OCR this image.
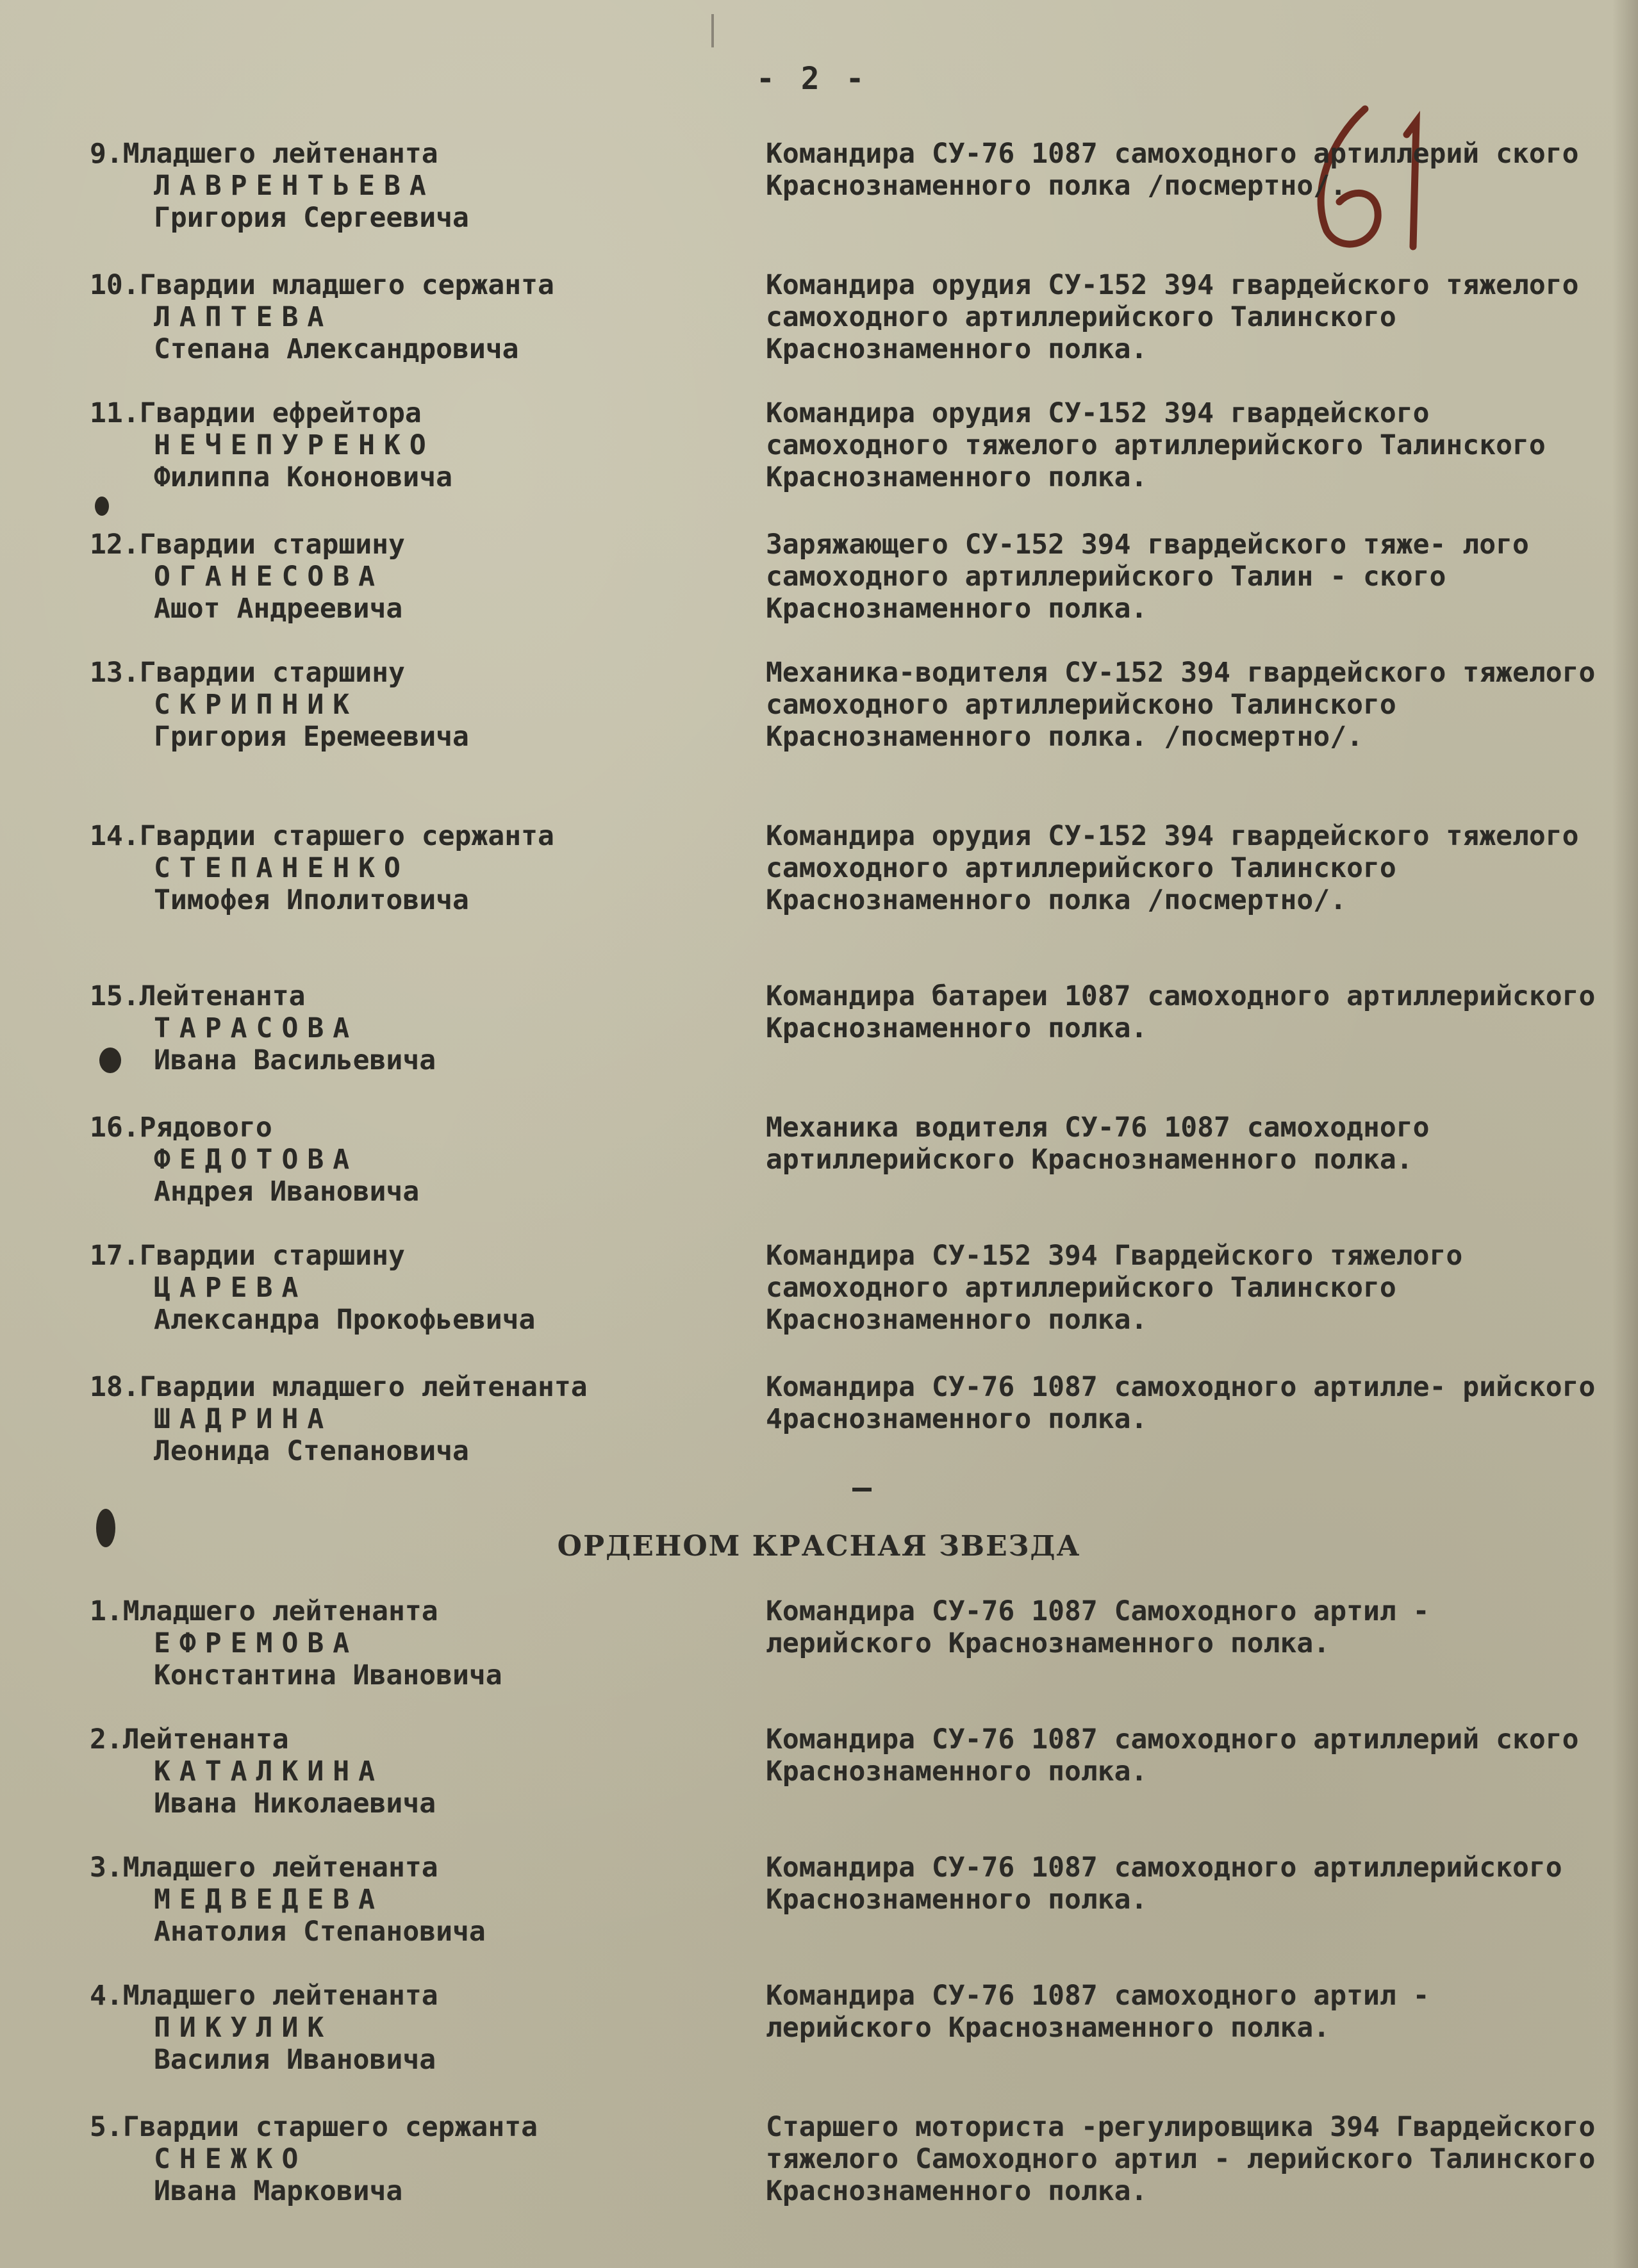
- 2 -
9.Младшего лейтенанта
ЛАВРЕНТЬЕВА
Григория Сергеевича
Командира СУ-76 1087 самоходного артиллерий ского Краснознаменного полка /посмертно/.
10.Гвардии младшего сержанта
ЛАПТЕВА
Степана Александровича
Командира орудия СУ-152 394 гвардейского тяжелого самоходного артиллерийского Талинского Краснознаменного полка.
11.Гвардии ефрейтора
НЕЧЕПУРЕНКО
Филиппа Кононовича
Командира орудия СУ-152 394 гвардейского самоходного тяжелого артиллерийского Талинского Краснознаменного полка.
12.Гвардии старшину
ОГАНЕСОВА
Ашот Андреевича
Заряжающего СУ-152 394 гвардейского тяже- лого самоходного артиллерийского Талин - ского Краснознаменного полка.
13.Гвардии старшину
СКРИПНИК
Григория Еремеевича
Механика-водителя СУ-152 394 гвардейского тяжелого самоходного артиллерийсконо Талинского Краснознаменного полка. /посмертно/.
14.Гвардии старшего сержанта
СТЕПАНЕНКО
Тимофея Иполитовича
Командира орудия СУ-152 394 гвардейского тяжелого самоходного артиллерийского Талинского Краснознаменного полка /посмертно/.
15.Лейтенанта
ТАРАСОВА
Ивана Васильевича
Командира батареи 1087 самоходного артиллерийского Краснознаменного полка.
16.Рядового
ФЕДОТОВА
Андрея Ивановича
Механика водителя СУ-76 1087 самоходного артиллерийского Краснознаменного полка.
17.Гвардии старшину
ЦАРЕВА
Александра Прокофьевича
Командира СУ-152 394 Гвардейского тяжелого самоходного артиллерийского Талинского Краснознаменного полка.
18.Гвардии младшего лейтенанта
ШАДРИНА
Леонида Степановича
Командира СУ-76 1087 самоходного артилле- рийского 4раснознаменного полка.
ОРДЕНОМ КРАСНАЯ ЗВЕЗДА
1.Младшего лейтенанта
ЕФРЕМОВА
Константина Ивановича
Командира СУ-76 1087 Самоходного артил - лерийского Краснознаменного полка.
2.Лейтенанта
КАТАЛКИНА
Ивана Николаевича
Командира СУ-76 1087 самоходного артиллерий ского Краснознаменного полка.
3.Младшего лейтенанта
МЕДВЕДЕВА
Анатолия Степановича
Командира СУ-76 1087 самоходного артиллерийского Краснознаменного полка.
4.Младшего лейтенанта
ПИКУЛИК
Василия Ивановича
Командира СУ-76 1087 самоходного артил - лерийского Краснознаменного полка.
5.Гвардии старшего сержанта
СНЕЖКО
Ивана Марковича
Старшего моториста -регулировщика 394 Гвардейского тяжелого Самоходного артил - лерийского Талинского Краснознаменного полка.
